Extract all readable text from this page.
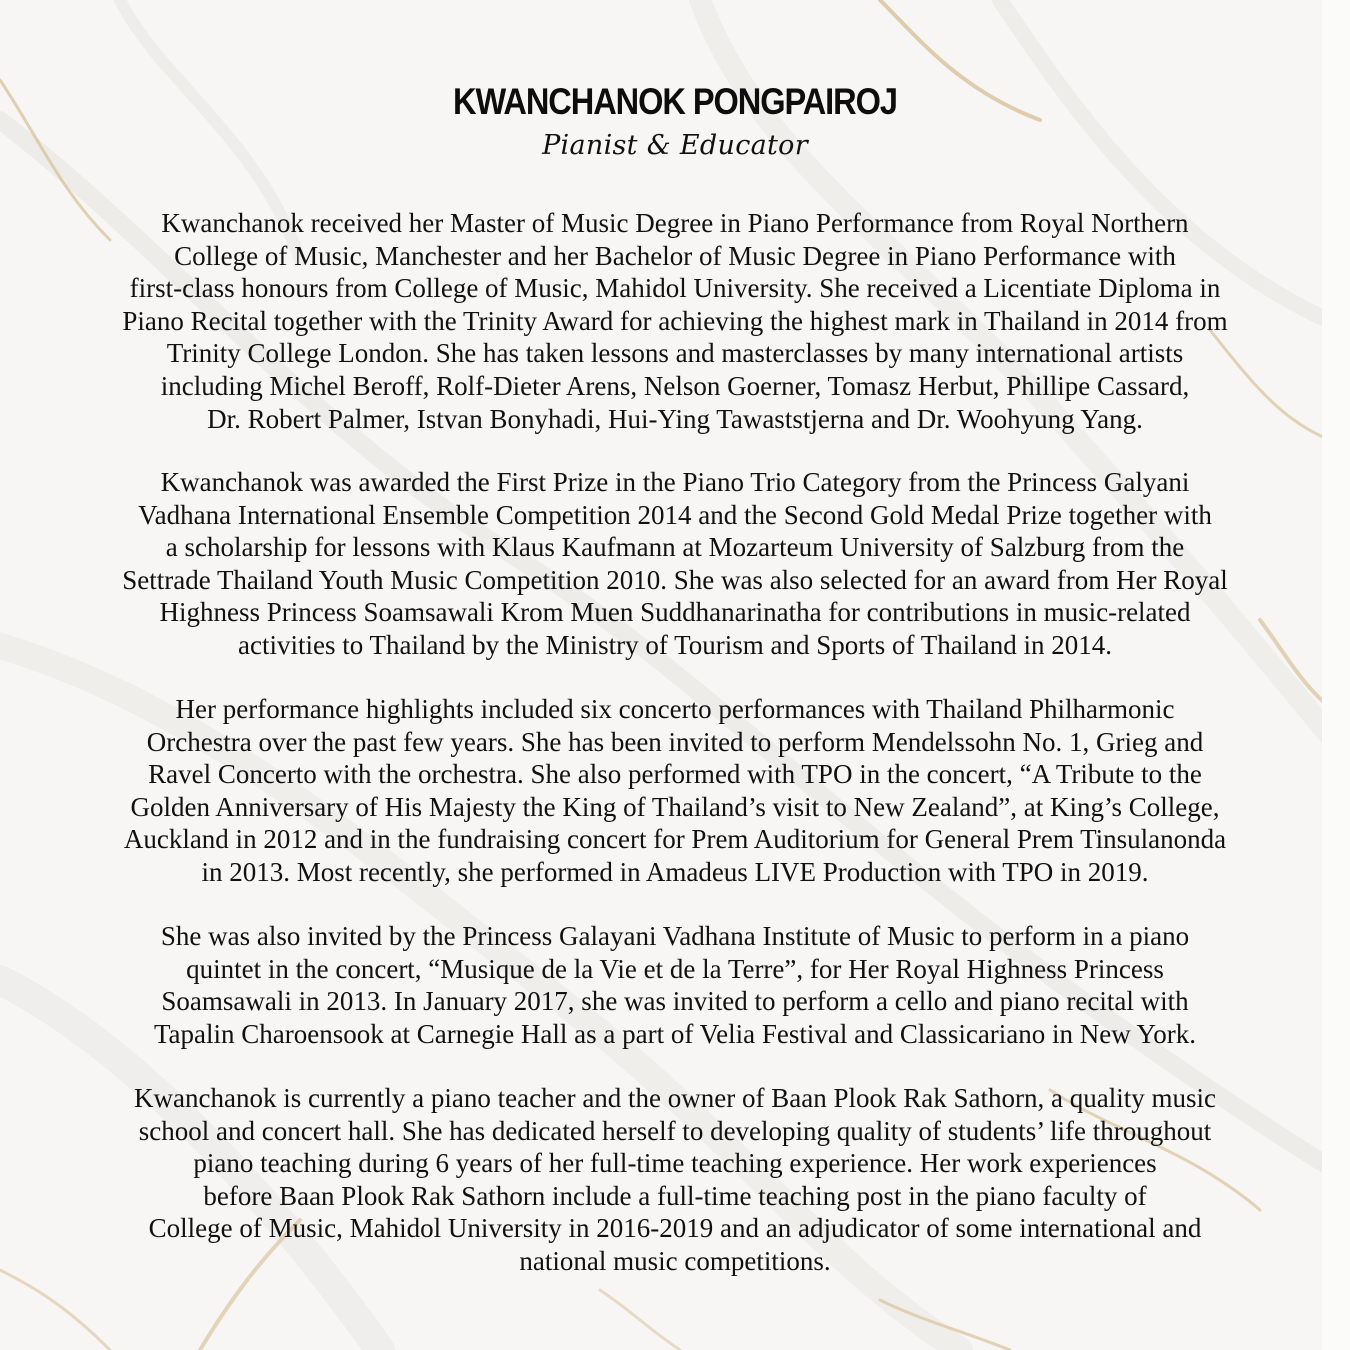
KWANCHANOK PONGPAIROJ
Pianist & Educator

Kwanchanok received her Master of Music Degree in Piano Performance from Royal Northern
College of Music, Manchester and her Bachelor of Music Degree in Piano Performance with
first-class honours from College of Music, Mahidol University. She received a Licentiate Diploma in
Piano Recital together with the Trinity Award for achieving the highest mark in Thailand in 2014 from
Trinity College London. She has taken lessons and masterclasses by many international artists
including Michel Beroff, Rolf-Dieter Arens, Nelson Goerner, Tomasz Herbut, Phillipe Cassard,
Dr. Robert Palmer, Istvan Bonyhadi, Hui-Ying Tawaststjerna and Dr. Woohyung Yang.

Kwanchanok was awarded the First Prize in the Piano Trio Category from the Princess Galyani
Vadhana International Ensemble Competition 2014 and the Second Gold Medal Prize together with
a scholarship for lessons with Klaus Kaufmann at Mozarteum University of Salzburg from the
Settrade Thailand Youth Music Competition 2010. She was also selected for an award from Her Royal
Highness Princess Soamsawali Krom Muen Suddhanarinatha for contributions in music-related
activities to Thailand by the Ministry of Tourism and Sports of Thailand in 2014.

Her performance highlights included six concerto performances with Thailand Philharmonic
Orchestra over the past few years. She has been invited to perform Mendelssohn No. 1, Grieg and
Ravel Concerto with the orchestra. She also performed with TPO in the concert, “A Tribute to the
Golden Anniversary of His Majesty the King of Thailand’s visit to New Zealand”, at King’s College,
Auckland in 2012 and in the fundraising concert for Prem Auditorium for General Prem Tinsulanonda
in 2013. Most recently, she performed in Amadeus LIVE Production with TPO in 2019.

She was also invited by the Princess Galayani Vadhana Institute of Music to perform in a piano
quintet in the concert, “Musique de la Vie et de la Terre”, for Her Royal Highness Princess
Soamsawali in 2013. In January 2017, she was invited to perform a cello and piano recital with
Tapalin Charoensook at Carnegie Hall as a part of Velia Festival and Classicariano in New York.

Kwanchanok is currently a piano teacher and the owner of Baan Plook Rak Sathorn, a quality music
school and concert hall. She has dedicated herself to developing quality of students’ life throughout
piano teaching during 6 years of her full-time teaching experience. Her work experiences
before Baan Plook Rak Sathorn include a full-time teaching post in the piano faculty of
College of Music, Mahidol University in 2016-2019 and an adjudicator of some international and
national music competitions.
